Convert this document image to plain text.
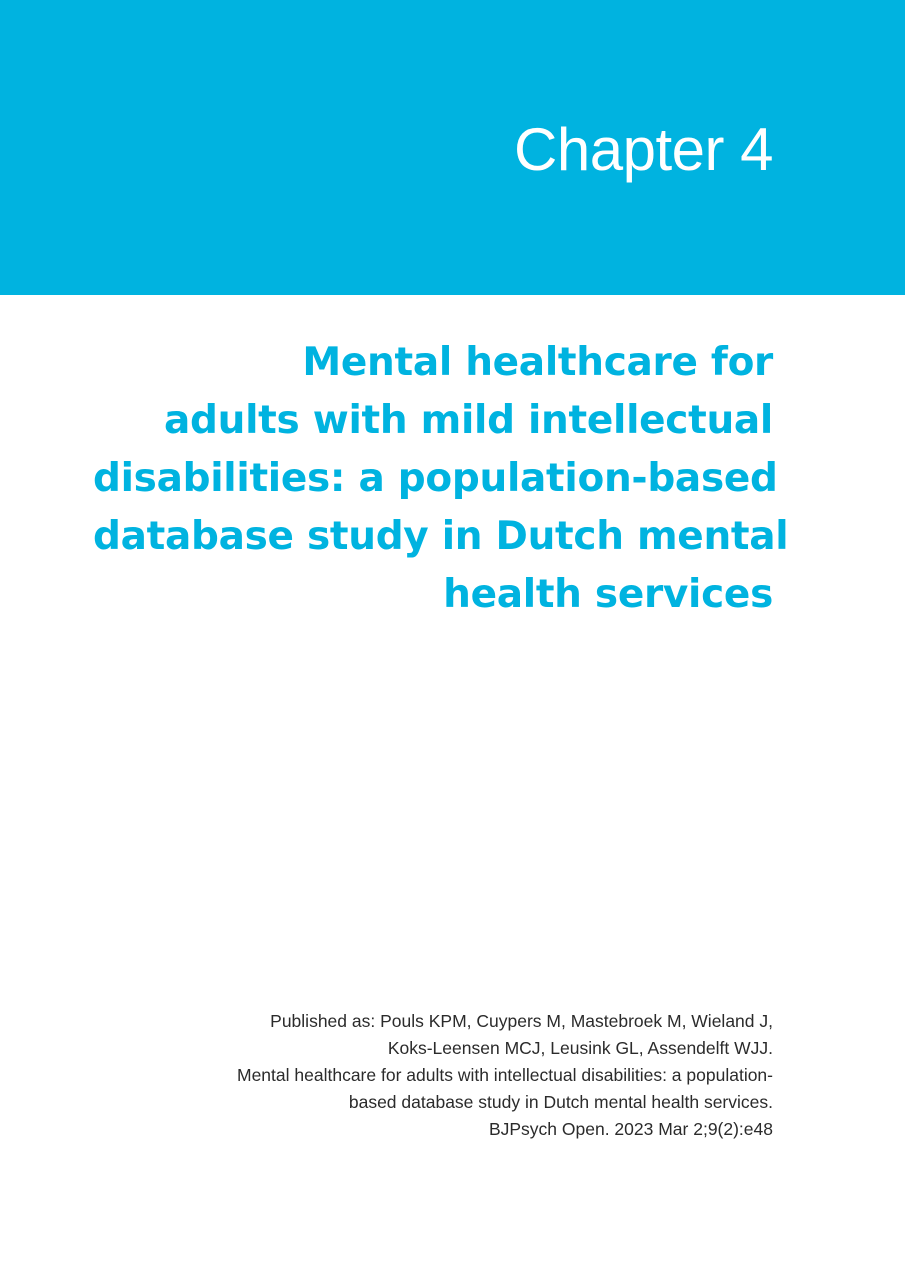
Chapter 4
Mental healthcare for
adults with mild intellectual
disabilities: a population-based
database study in Dutch mental
health services

Published as: Pouls KPM, Cuypers M, Mastebroek M, Wieland J,
Koks-Leensen MCJ, Leusink GL, Assendelft WJJ.
Mental healthcare for adults with intellectual disabilities: a population-
based database study in Dutch mental health services.
BJPsych Open. 2023 Mar 2;9(2):e48
